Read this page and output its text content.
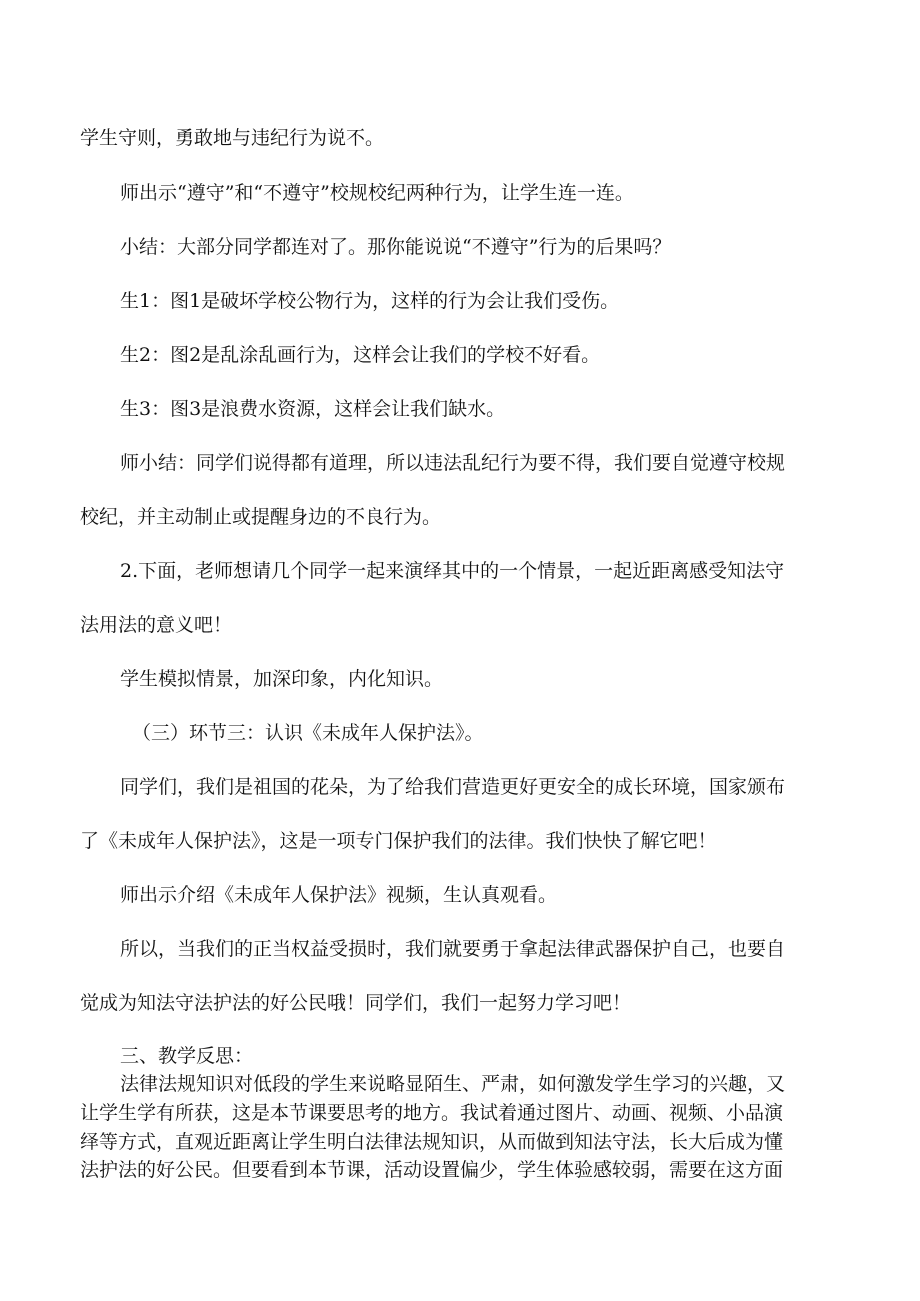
学生守则，勇敢地与违纪行为说不。
师出示“遵守”和“不遵守”校规校纪两种行为，让学生连一连。
小结：大部分同学都连对了。那你能说说“不遵守”行为的后果吗？
生1：图1是破坏学校公物行为，这样的行为会让我们受伤。
生2：图2是乱涂乱画行为，这样会让我们的学校不好看。
生3：图3是浪费水资源，这样会让我们缺水。
师小结：同学们说得都有道理，所以违法乱纪行为要不得，我们要自觉遵守校规
校纪，并主动制止或提醒身边的不良行为。
2.下面，老师想请几个同学一起来演绎其中的一个情景，一起近距离感受知法守
法用法的意义吧！
学生模拟情景，加深印象，内化知识。
（三）环节三：认识《未成年人保护法》。
同学们，我们是祖国的花朵，为了给我们营造更好更安全的成长环境，国家颁布
了《未成年人保护法》，这是一项专门保护我们的法律。我们快快了解它吧！
师出示介绍《未成年人保护法》视频，生认真观看。
所以，当我们的正当权益受损时，我们就要勇于拿起法律武器保护自己，也要自
觉成为知法守法护法的好公民哦！同学们，我们一起努力学习吧！
三、教学反思：
法律法规知识对低段的学生来说略显陌生、严肃，如何激发学生学习的兴趣，又
让学生学有所获，这是本节课要思考的地方。我试着通过图片、动画、视频、小品演
绎等方式，直观近距离让学生明白法律法规知识，从而做到知法守法，长大后成为懂
法护法的好公民。但要看到本节课，活动设置偏少，学生体验感较弱，需要在这方面
